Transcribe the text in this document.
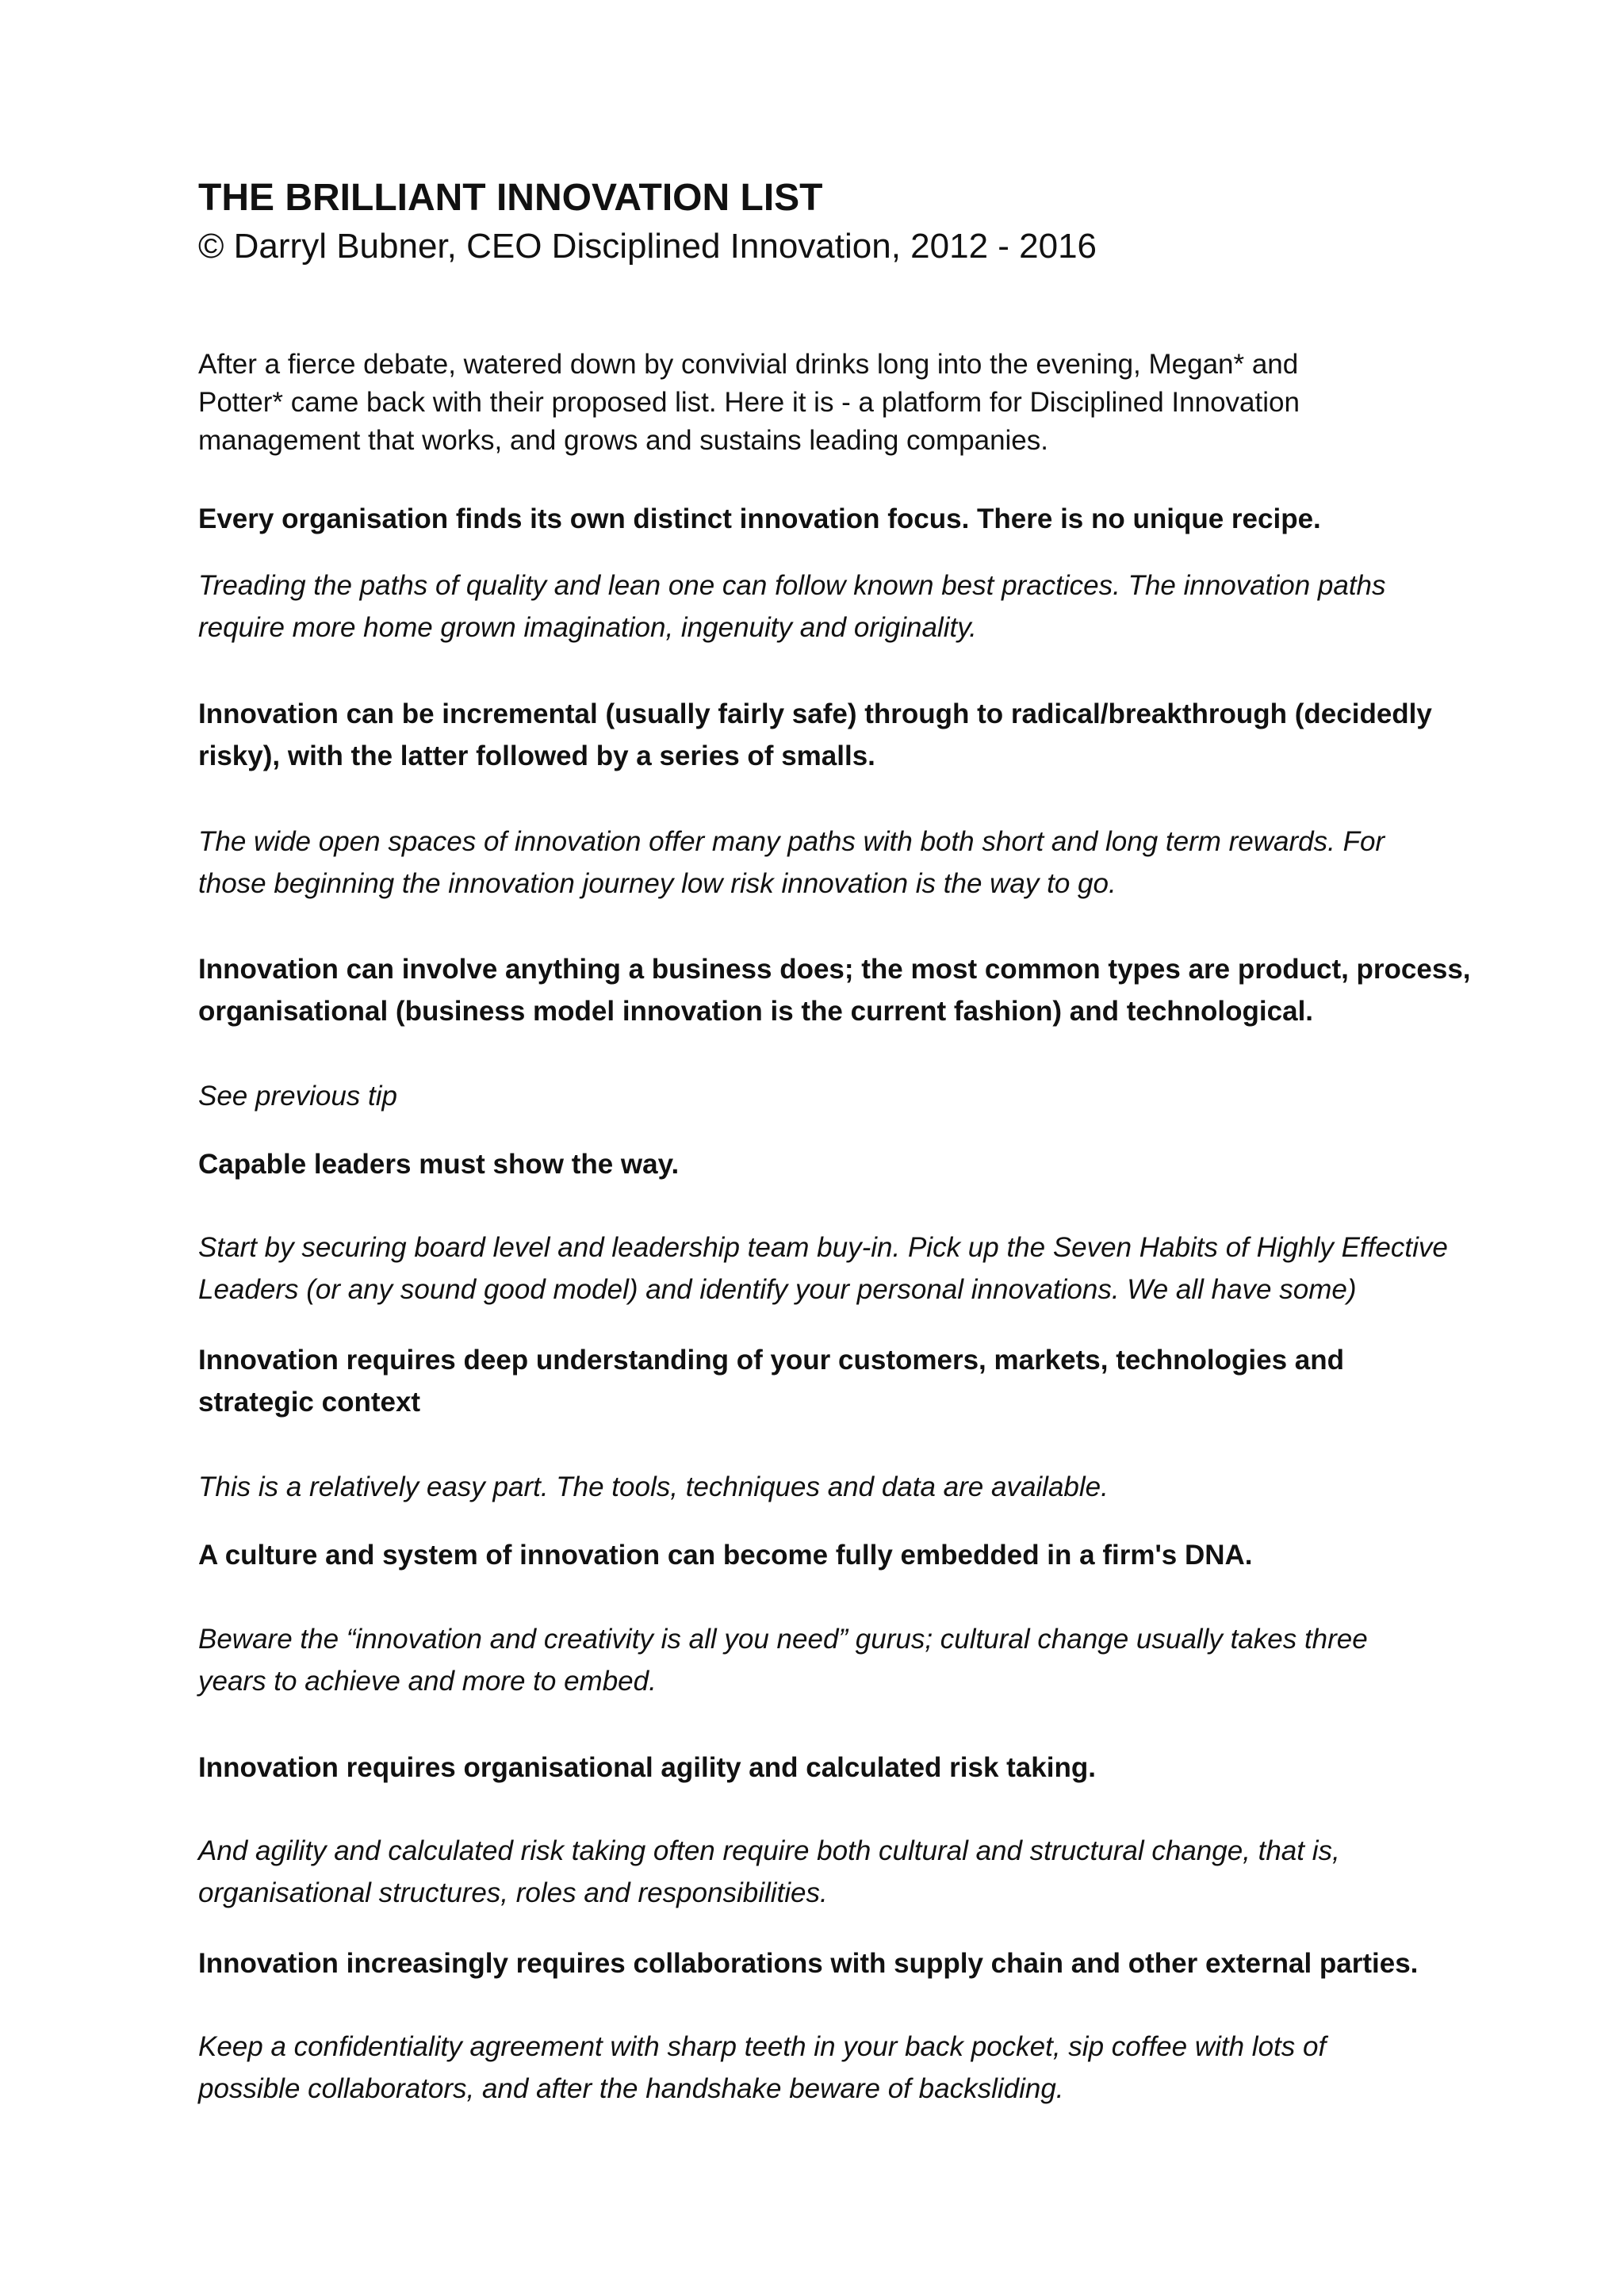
THE BRILLIANT INNOVATION LIST

© Darryl Bubner, CEO Disciplined Innovation, 2012 - 2016

After a fierce debate, watered down by convivial drinks long into the evening, Megan* and
Potter* came back with their proposed list. Here it is - a platform for Disciplined Innovation
management that works, and grows and sustains leading companies.

Every organisation finds its own distinct innovation focus. There is no unique recipe.

Treading the paths of quality and lean one can follow known best practices. The innovation paths
require more home grown imagination, ingenuity and originality.

Innovation can be incremental (usually fairly safe) through to radical/breakthrough (decidedly
risky), with the latter followed by a series of smalls.

The wide open spaces of innovation offer many paths with both short and long term rewards. For
those beginning the innovation journey low risk innovation is the way to go.

Innovation can involve anything a business does; the most common types are product, process,
organisational (business model innovation is the current fashion) and technological.

See previous tip

Capable leaders must show the way.

Start by securing board level and leadership team buy-in. Pick up the Seven Habits of Highly Effective
Leaders (or any sound good model) and identify your personal innovations. We all have some)

Innovation requires deep understanding of your customers, markets, technologies and
strategic context

This is a relatively easy part. The tools, techniques and data are available.

A culture and system of innovation can become fully embedded in a firm's DNA.

Beware the “innovation and creativity is all you need” gurus; cultural change usually takes three
years to achieve and more to embed.

Innovation requires organisational agility and calculated risk taking.

And agility and calculated risk taking often require both cultural and structural change, that is,
organisational structures, roles and responsibilities.

Innovation increasingly requires collaborations with supply chain and other external parties.

Keep a confidentiality agreement with sharp teeth in your back pocket, sip coffee with lots of
possible collaborators, and after the handshake beware of backsliding.
